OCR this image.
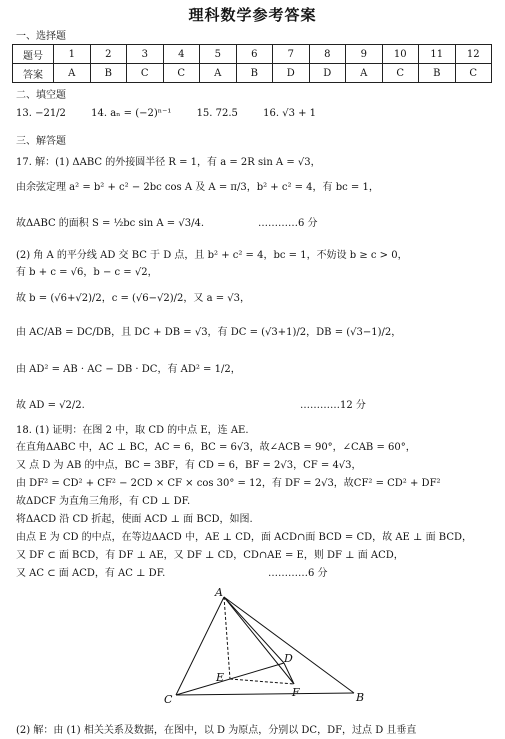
理科数学参考答案
一、选择题
题号	1	2	3	4	5	6	7	8	9	10	11	12
答案	A	B	C	C	A	B	D	D	A	C	B	C
二、填空题
13. −21/2	14. aₙ = (−2)ⁿ⁻¹	15. 72.5	16. √3 + 1
三、解答题
17. 解：(1) ΔABC 的外接圆半径 R = 1，有 a = 2R sin A = √3，
由余弦定理 a² = b² + c² − 2bc cos A 及 A = π/3，b² + c² = 4，有 bc = 1，
故ΔABC 的面积 S = ½bc sin A = √3/4.	…………6 分
(2) 角 A 的平分线 AD 交 BC 于 D 点，且 b² + c² = 4，bc = 1，不妨设 b ≥ c > 0，
有 b + c = √6，b − c = √2，
故 b = (√6+√2)/2，c = (√6−√2)/2，又 a = √3，
由 AC/AB = DC/DB，且 DC + DB = √3，有 DC = (√3+1)/2，DB = (√3−1)/2，
由 AD² = AB · AC − DB · DC，有 AD² = 1/2，
故 AD = √2/2.	…………12 分
18. (1) 证明：在图 2 中，取 CD 的中点 E，连 AE.
在直角ΔABC 中，AC ⊥ BC，AC = 6，BC = 6√3，故∠ACB = 90°，∠CAB = 60°，
又 点 D 为 AB 的中点，BC = 3BF，有 CD = 6，BF = 2√3，CF = 4√3，
由 DF² = CD² + CF² − 2CD × CF × cos 30° = 12，有 DF = 2√3，故CF² = CD² + DF²
故ΔDCF 为直角三角形，有 CD ⊥ DF.
将ΔACD 沿 CD 折起，使面 ACD ⊥ 面 BCD，如图.
由点 E 为 CD 的中点，在等边ΔACD 中，AE ⊥ CD，面 ACD∩面 BCD = CD，故 AE ⊥ 面 BCD，
又 DF ⊂ 面 BCD，有 DF ⊥ AE，又 DF ⊥ CD，CD∩AE = E，则 DF ⊥ 面 ACD，
又 AC ⊂ 面 ACD，有 AC ⊥ DF.	…………6 分
A
C	B
D
E
F
(2) 解：由 (1) 相关关系及数据，在图中，以 D 为原点，分别以 DC，DF，过点 D 且垂直
